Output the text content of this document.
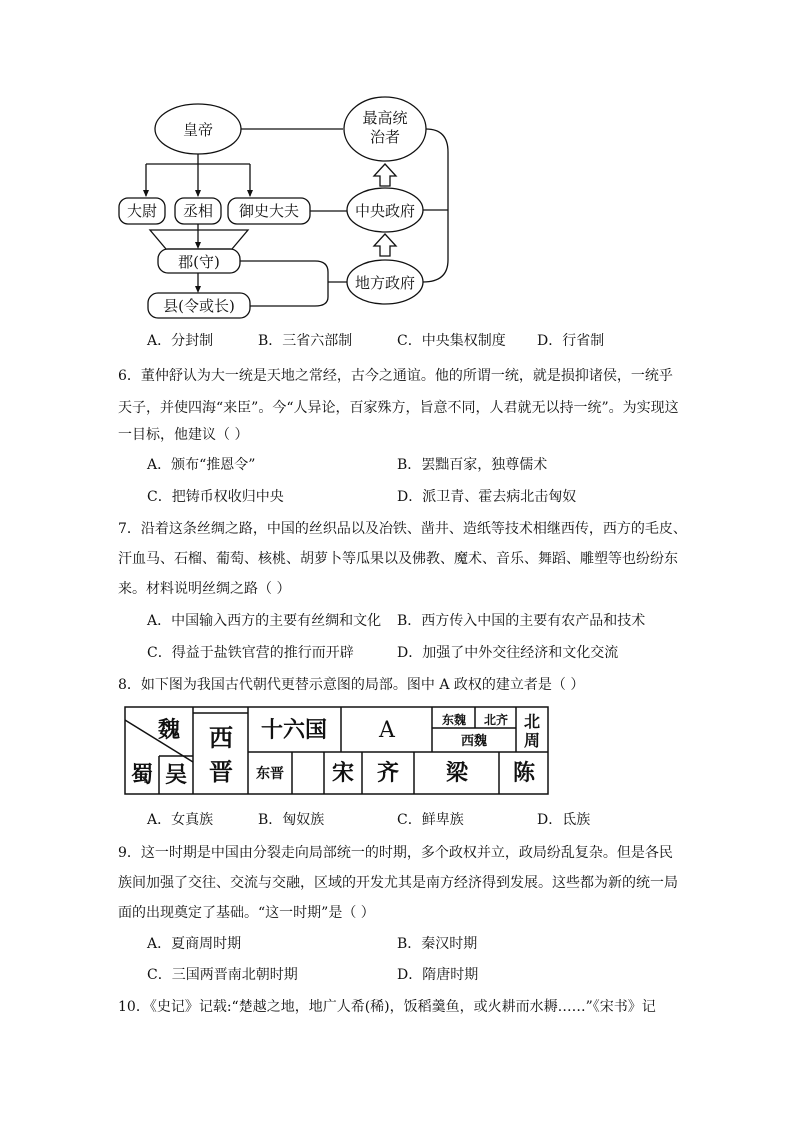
皇帝
最高统
治者
大尉 丞相 御史大夫	中央政府
郡(守)
地方政府
县(令或长)
A．分封制	B．三省六部制	C．中央集权制度 D．行省制
6．董仲舒认为大一统是天地之常经，古今之通谊。他的所谓一统，就是损抑诸侯，一统乎
天子，并使四海“来臣”。今“人异论，百家殊方，旨意不同，人君就无以持一统”。为实现这
一目标，他建议（ ）
A．颁布“推恩令”	B．罢黜百家，独尊儒术
C．把铸币权收归中央	D．派卫青、霍去病北击匈奴
7．沿着这条丝绸之路，中国的丝织品以及冶铁、凿井、造纸等技术相继西传，西方的毛皮、
汗血马、石榴、葡萄、核桃、胡萝卜等瓜果以及佛教、魔术、音乐、舞蹈、雕塑等也纷纷东
来。材料说明丝绸之路（ ）
A．中国输入西方的主要有丝绸和文化 B．西方传入中国的主要有农产品和技术
C．得益于盐铁官营的推行而开辟	D．加强了中外交往经济和文化交流
8．如下图为我国古代朝代更替示意图的局部。图中 A 政权的建立者是（ ）
魏
蜀 吴
西
晋
十六国 A	东魏 北齐 北
周
西魏
东晋 宋 齐 梁 陈
A．女真族	B．匈奴族	C．鲜卑族	D．氐族
9．这一时期是中国由分裂走向局部统一的时期，多个政权并立，政局纷乱复杂。但是各民
族间加强了交往、交流与交融，区域的开发尤其是南方经济得到发展。这些都为新的统一局
面的出现奠定了基础。“这一时期”是（ ）
A．夏商周时期	B．秦汉时期
C．三国两晋南北朝时期	D．隋唐时期
10．《史记》记载:“楚越之地，地广人希(稀)，饭稻羹鱼，或火耕而水耨……”《宋书》记
